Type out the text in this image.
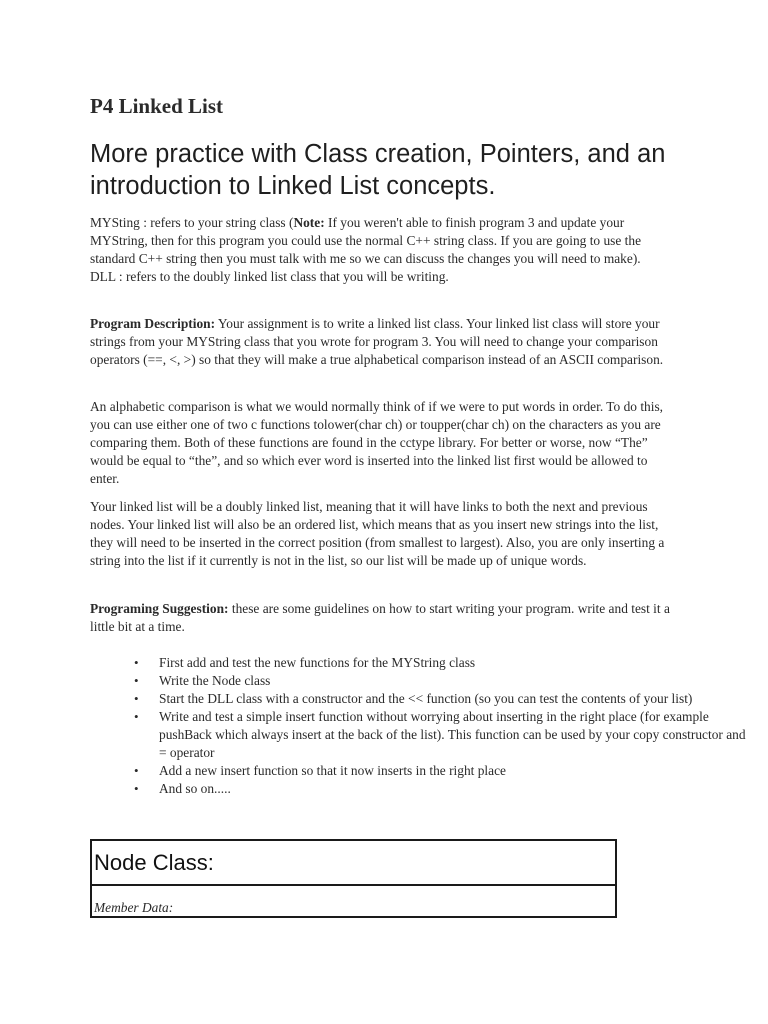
P4 Linked List
More practice with Class creation, Pointers, and an introduction to Linked List concepts.

MYSting : refers to your string class (Note: If you weren't able to finish program 3 and update your MYString, then for this program you could use the normal C++ string class. If you are going to use the standard C++ string then you must talk with me so we can discuss the changes you will need to make).
DLL : refers to the doubly linked list class that you will be writing.

Program Description: Your assignment is to write a linked list class. Your linked list class will store your strings from your MYString class that you wrote for program 3. You will need to change your comparison operators (==, <, >) so that they will make a true alphabetical comparison instead of an ASCII comparison.

An alphabetic comparison is what we would normally think of if we were to put words in order. To do this, you can use either one of two c functions tolower(char ch) or toupper(char ch) on the characters as you are comparing them. Both of these functions are found in the cctype library. For better or worse, now “The” would be equal to “the”, and so which ever word is inserted into the linked list first would be allowed to enter.

Your linked list will be a doubly linked list, meaning that it will have links to both the next and previous nodes. Your linked list will also be an ordered list, which means that as you insert new strings into the list, they will need to be inserted in the correct position (from smallest to largest). Also, you are only inserting a string into the list if it currently is not in the list, so our list will be made up of unique words.

Programing Suggestion: these are some guidelines on how to start writing your program. write and test it a little bit at a time.

• First add and test the new functions for the MYString class
• Write the Node class
• Start the DLL class with a constructor and the << function (so you can test the contents of your list)
• Write and test a simple insert function without worrying about inserting in the right place (for example pushBack which always insert at the back of the list). This function can be used by your copy constructor and = operator
• Add a new insert function so that it now inserts in the right place
• And so on.....
Node Class:
Member Data:
